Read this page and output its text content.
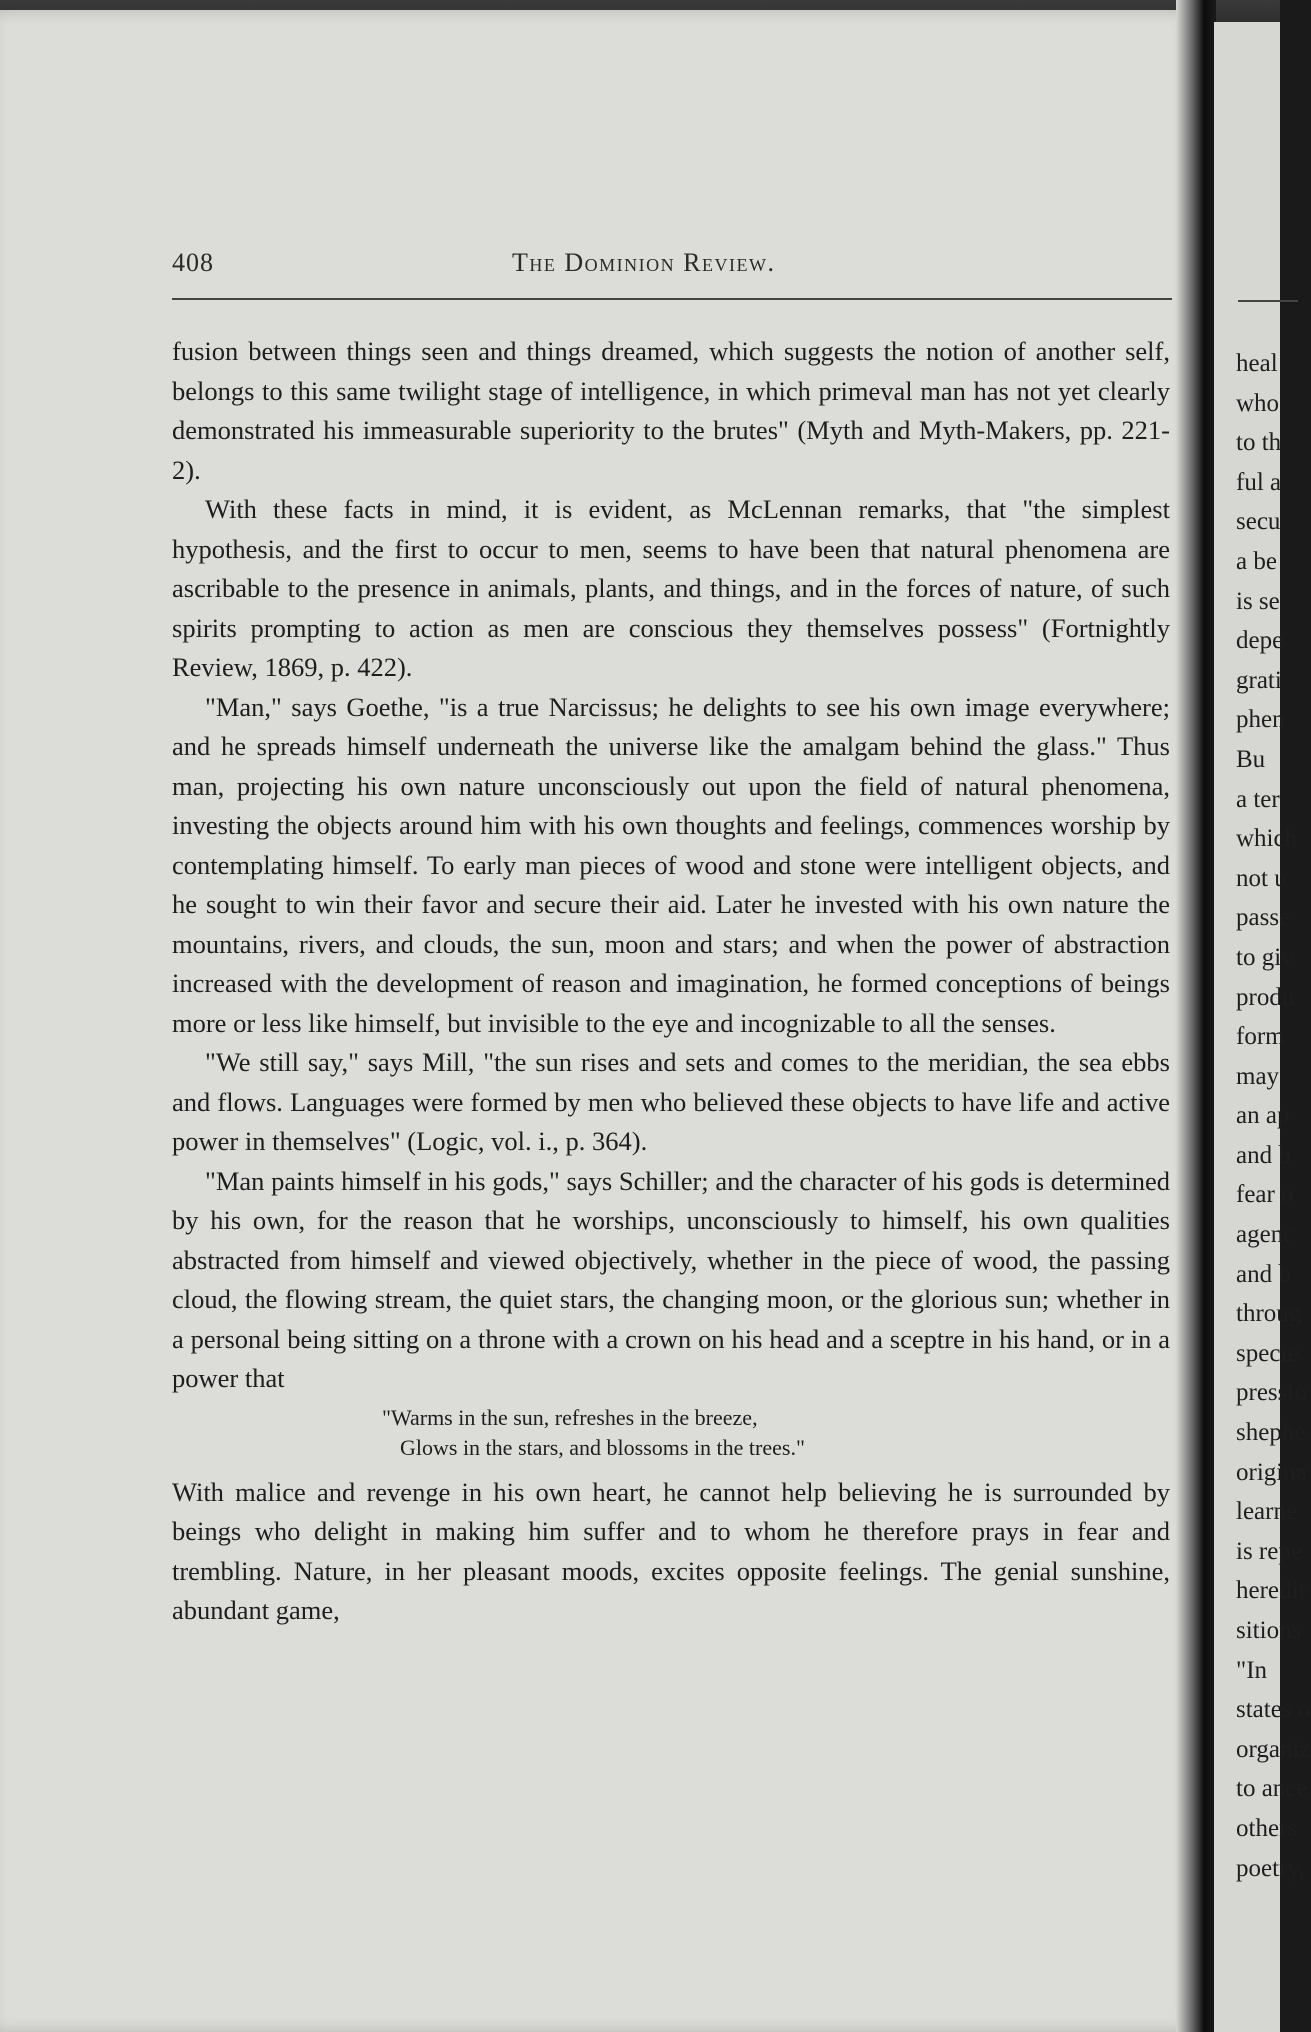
408	The Dominion Review.

fusion between things seen and things dreamed, which suggests the notion of another self, belongs to this same twilight stage of intelligence, in which primeval man has not yet clearly demonstrated his immeasurable superiority to the brutes" (Myth and Myth-Makers, pp. 221-2).

With these facts in mind, it is evident, as McLennan remarks, that "the simplest hypothesis, and the first to occur to men, seems to have been that natural phenomena are ascribable to the presence in animals, plants, and things, and in the forces of nature, of such spirits prompting to action as men are conscious they themselves possess" (Fortnightly Review, 1869, p. 422).

"Man," says Goethe, "is a true Narcissus; he delights to see his own image everywhere; and he spreads himself underneath the universe like the amalgam behind the glass." Thus man, projecting his own nature unconsciously out upon the field of natural phenomena, investing the objects around him with his own thoughts and feelings, commences worship by contemplating himself. To early man pieces of wood and stone were intelligent objects, and he sought to win their favor and secure their aid. Later he invested with his own nature the mountains, rivers, and clouds, the sun, moon and stars; and when the power of abstraction increased with the development of reason and imagination, he formed conceptions of beings more or less like himself, but invisible to the eye and incognizable to all the senses.

"We still say," says Mill, "the sun rises and sets and comes to the meridian, the sea ebbs and flows. Languages were formed by men who believed these objects to have life and active power in themselves" (Logic, vol. i., p. 364).

"Man paints himself in his gods," says Schiller; and the character of his gods is determined by his own, for the reason that he worships, unconsciously to himself, his own qualities abstracted from himself and viewed objectively, whether in the piece of wood, the passing cloud, the flowing stream, the quiet stars, the changing moon, or the glorious sun; whether in a personal being sitting on a throne with a crown on his head and a sceptre in his hand, or in a power that

"Warms in the sun, refreshes in the breeze,
Glows in the stars, and blossoms in the trees."

With malice and revenge in his own heart, he cannot help believing he is surrounded by beings who delight in making him suffer and to whom he therefore prays in fear and trembling. Nature, in her pleasant moods, excites opposite feelings. The genial sunshine, abundant game,

heal
who
to th
ful a
secu
a be
is se
depe
grati
phen
Bu
a ter
which
not u
passe
to giv
produ
form
may
an ap
and b
fear o
agenc
and b
throug
specie
pressio
shephe
origina
learne
is repe
heredit
sitions
"In
states o
organiz
to ance
others
poetry,
